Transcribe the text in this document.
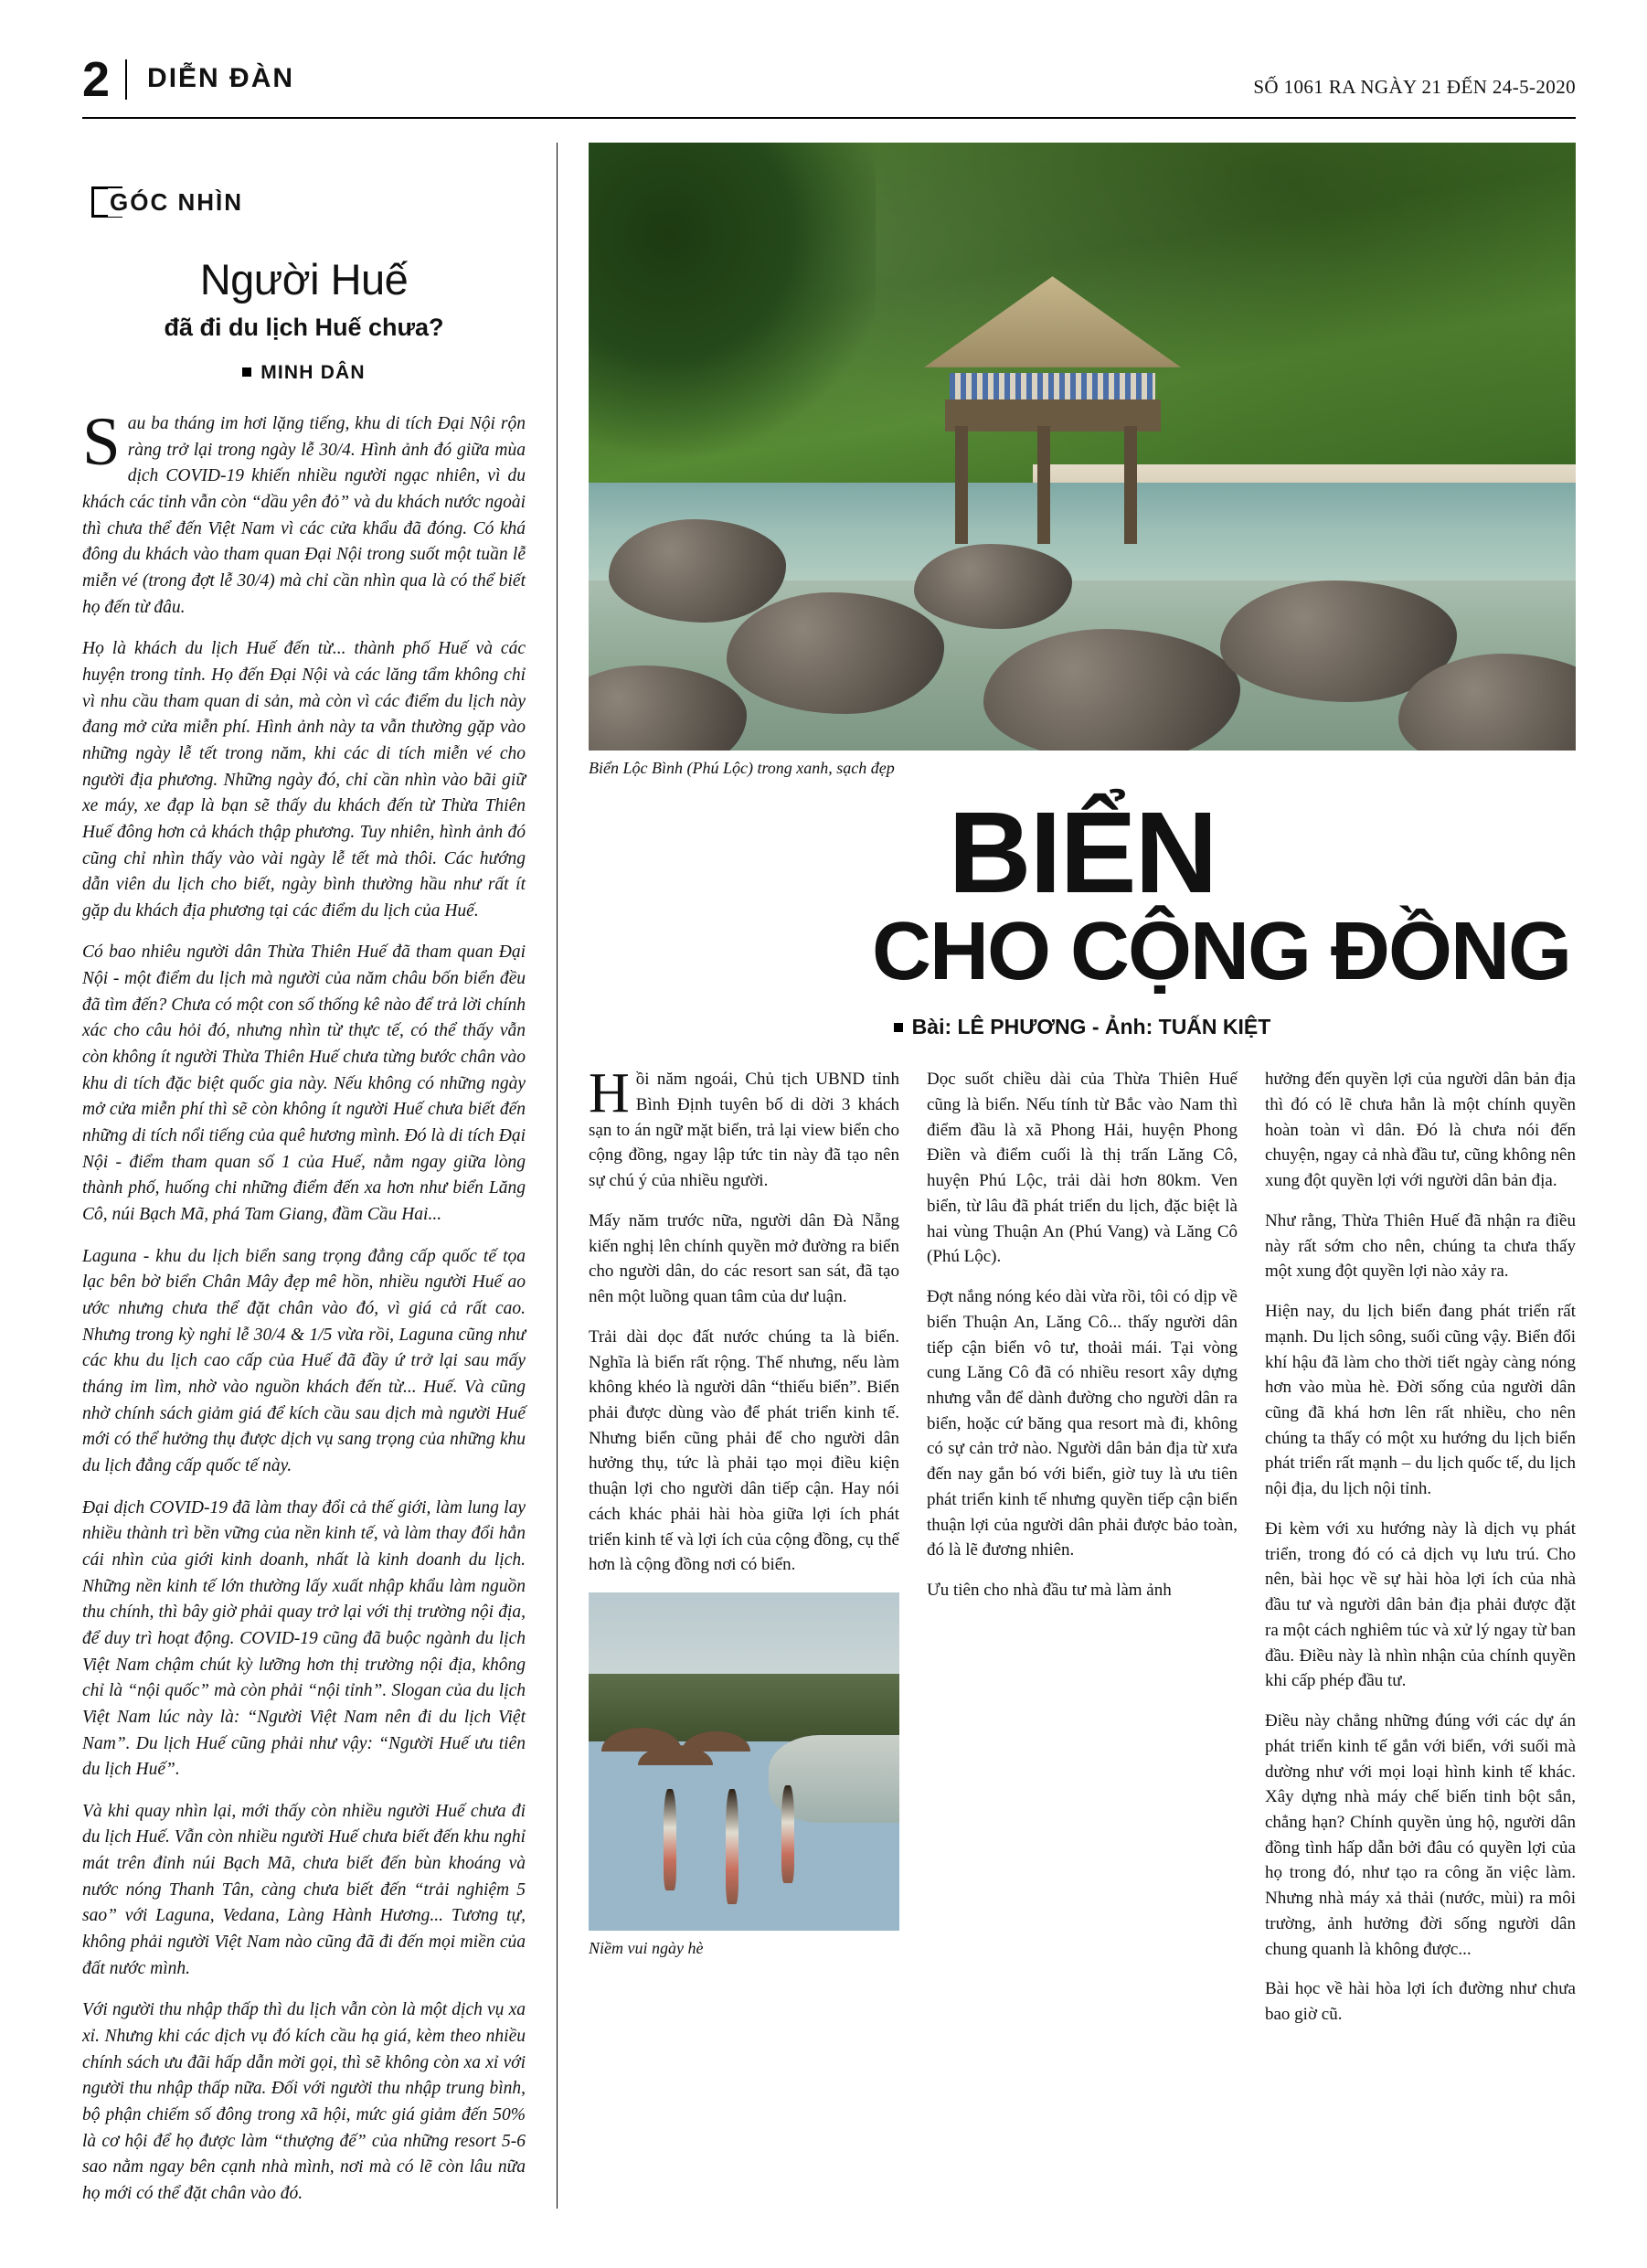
2 DIỄN ĐÀN	SỐ 1061 RA NGÀY 21 ĐẾN 24-5-2020
GÓC NHÌN
Người Huế
đã đi du lịch Huế chưa?
MINH DÂN

Sau ba tháng im hơi lặng tiếng, khu di tích Đại Nội rộn ràng trở lại trong ngày lễ 30/4. Hình ảnh đó giữa mùa dịch COVID-19 khiến nhiều người ngạc nhiên, vì du khách các tỉnh vẫn còn “dầu yên đỏ” và du khách nước ngoài thì chưa thể đến Việt Nam vì các cửa khẩu đã đóng. Có khá đông du khách vào tham quan Đại Nội trong suốt một tuần lễ miễn vé (trong đợt lễ 30/4) mà chỉ cần nhìn qua là có thể biết họ đến từ đâu.

Họ là khách du lịch Huế đến từ... thành phố Huế và các huyện trong tỉnh. Họ đến Đại Nội và các lăng tẩm không chỉ vì nhu cầu tham quan di sản, mà còn vì các điểm du lịch này đang mở cửa miễn phí. Hình ảnh này ta vẫn thường gặp vào những ngày lễ tết trong năm, khi các di tích miễn vé cho người địa phương. Những ngày đó, chỉ cần nhìn vào bãi giữ xe máy, xe đạp là bạn sẽ thấy du khách đến từ Thừa Thiên Huế đông hơn cả khách thập phương. Tuy nhiên, hình ảnh đó cũng chỉ nhìn thấy vào vài ngày lễ tết mà thôi. Các hướng dẫn viên du lịch cho biết, ngày bình thường hầu như rất ít gặp du khách địa phương tại các điểm du lịch của Huế.

Có bao nhiêu người dân Thừa Thiên Huế đã tham quan Đại Nội - một điểm du lịch mà người của năm châu bốn biển đều đã tìm đến? Chưa có một con số thống kê nào để trả lời chính xác cho câu hỏi đó, nhưng nhìn từ thực tế, có thể thấy vẫn còn không ít người Thừa Thiên Huế chưa từng bước chân vào khu di tích đặc biệt quốc gia này. Nếu không có những ngày mở cửa miễn phí thì sẽ còn không ít người Huế chưa biết đến những di tích nổi tiếng của quê hương mình. Đó là di tích Đại Nội - điểm tham quan số 1 của Huế, nằm ngay giữa lòng thành phố, huống chi những điểm đến xa hơn như biển Lăng Cô, núi Bạch Mã, phá Tam Giang, đầm Cầu Hai...

Laguna - khu du lịch biển sang trọng đẳng cấp quốc tế tọa lạc bên bờ biển Chân Mây đẹp mê hồn, nhiều người Huế ao ước nhưng chưa thể đặt chân vào đó, vì giá cả rất cao. Nhưng trong kỳ nghỉ lễ 30/4 & 1/5 vừa rồi, Laguna cũng như các khu du lịch cao cấp của Huế đã đầy ứ trở lại sau mấy tháng im lìm, nhờ vào nguồn khách đến từ... Huế. Và cũng nhờ chính sách giảm giá để kích cầu sau dịch mà người Huế mới có thể hưởng thụ được dịch vụ sang trọng của những khu du lịch đẳng cấp quốc tế này.

Đại dịch COVID-19 đã làm thay đổi cả thế giới, làm lung lay nhiều thành trì bền vững của nền kinh tế, và làm thay đổi hẳn cái nhìn của giới kinh doanh, nhất là kinh doanh du lịch. Những nền kinh tế lớn thường lấy xuất nhập khẩu làm nguồn thu chính, thì bây giờ phải quay trở lại với thị trường nội địa, để duy trì hoạt động. COVID-19 cũng đã buộc ngành du lịch Việt Nam chậm chút kỳ lưỡng hơn thị trường nội địa, không chỉ là “nội quốc” mà còn phải “nội tỉnh”. Slogan của du lịch Việt Nam lúc này là: “Người Việt Nam nên đi du lịch Việt Nam”. Du lịch Huế cũng phải như vậy: “Người Huế ưu tiên du lịch Huế”.

Và khi quay nhìn lại, mới thấy còn nhiều người Huế chưa đi du lịch Huế. Vẫn còn nhiều người Huế chưa biết đến khu nghỉ mát trên đỉnh núi Bạch Mã, chưa biết đến bùn khoáng và nước nóng Thanh Tân, càng chưa biết đến “trải nghiệm 5 sao” với Laguna, Vedana, Làng Hành Hương... Tương tự, không phải người Việt Nam nào cũng đã đi đến mọi miền của đất nước mình.

Với người thu nhập thấp thì du lịch vẫn còn là một dịch vụ xa xỉ. Nhưng khi các dịch vụ đó kích cầu hạ giá, kèm theo nhiều chính sách ưu đãi hấp dẫn mời gọi, thì sẽ không còn xa xỉ với người thu nhập thấp nữa. Đối với người thu nhập trung bình, bộ phận chiếm số đông trong xã hội, mức giá giảm đến 50% là cơ hội để họ được làm “thượng đế” của những resort 5-6 sao nằm ngay bên cạnh nhà mình, nơi mà có lẽ còn lâu nữa họ mới có thể đặt chân vào đó.

Biển Lộc Bình (Phú Lộc) trong xanh, sạch đẹp
BIỂN
CHO CỘNG ĐỒNG
Bài: LÊ PHƯƠNG - Ảnh: TUẤN KIỆT

Hồi năm ngoái, Chủ tịch UBND tỉnh Bình Định tuyên bố di dời 3 khách sạn to án ngữ mặt biển, trả lại view biển cho cộng đồng, ngay lập tức tin này đã tạo nên sự chú ý của nhiều người.

Mấy năm trước nữa, người dân Đà Nẵng kiến nghị lên chính quyền mở đường ra biển cho người dân, do các resort san sát, đã tạo nên một luồng quan tâm của dư luận.

Trải dài dọc đất nước chúng ta là biển. Nghĩa là biển rất rộng. Thế nhưng, nếu làm không khéo là người dân “thiếu biển”. Biển phải được dùng vào để phát triển kinh tế. Nhưng biển cũng phải để cho người dân hưởng thụ, tức là phải tạo mọi điều kiện thuận lợi cho người dân tiếp cận. Hay nói cách khác phải hài hòa giữa lợi ích phát triển kinh tế và lợi ích của cộng đồng, cụ thể hơn là cộng đồng nơi có biển.

Niềm vui ngày hè

Dọc suốt chiều dài của Thừa Thiên Huế cũng là biển. Nếu tính từ Bắc vào Nam thì điểm đầu là xã Phong Hải, huyện Phong Điền và điểm cuối là thị trấn Lăng Cô, huyện Phú Lộc, trải dài hơn 80km. Ven biển, từ lâu đã phát triển du lịch, đặc biệt là hai vùng Thuận An (Phú Vang) và Lăng Cô (Phú Lộc).

Đợt nắng nóng kéo dài vừa rồi, tôi có dịp về biển Thuận An, Lăng Cô... thấy người dân tiếp cận biển vô tư, thoải mái. Tại vòng cung Lăng Cô đã có nhiều resort xây dựng nhưng vẫn để dành đường cho người dân ra biển, hoặc cứ băng qua resort mà đi, không có sự cản trở nào. Người dân bản địa từ xưa đến nay gắn bó với biển, giờ tuy là ưu tiên phát triển kinh tế nhưng quyền tiếp cận biển thuận lợi của người dân phải được bảo toàn, đó là lẽ đương nhiên.

Ưu tiên cho nhà đầu tư mà làm ảnh

hưởng đến quyền lợi của người dân bản địa thì đó có lẽ chưa hẳn là một chính quyền hoàn toàn vì dân. Đó là chưa nói đến chuyện, ngay cả nhà đầu tư, cũng không nên xung đột quyền lợi với người dân bản địa.

Như rằng, Thừa Thiên Huế đã nhận ra điều này rất sớm cho nên, chúng ta chưa thấy một xung đột quyền lợi nào xảy ra.

Hiện nay, du lịch biển đang phát triển rất mạnh. Du lịch sông, suối cũng vậy. Biển đổi khí hậu đã làm cho thời tiết ngày càng nóng hơn vào mùa hè. Đời sống của người dân cũng đã khá hơn lên rất nhiều, cho nên chúng ta thấy có một xu hướng du lịch biển phát triển rất mạnh – du lịch quốc tế, du lịch nội địa, du lịch nội tỉnh.

Đi kèm với xu hướng này là dịch vụ phát triển, trong đó có cả dịch vụ lưu trú. Cho nên, bài học về sự hài hòa lợi ích của nhà đầu tư và người dân bản địa phải được đặt ra một cách nghiêm túc và xử lý ngay từ ban đầu. Điều này là nhìn nhận của chính quyền khi cấp phép đầu tư.

Điều này chẳng những đúng với các dự án phát triển kinh tế gắn với biển, với suối mà dường như với mọi loại hình kinh tế khác. Xây dựng nhà máy chế biến tinh bột sắn, chẳng hạn? Chính quyền ủng hộ, người dân đồng tình hấp dẫn bởi đâu có quyền lợi của họ trong đó, như tạo ra công ăn việc làm. Nhưng nhà máy xả thải (nước, mùi) ra môi trường, ảnh hưởng đời sống người dân chung quanh là không được...

Bài học về hài hòa lợi ích đường như chưa bao giờ cũ.
